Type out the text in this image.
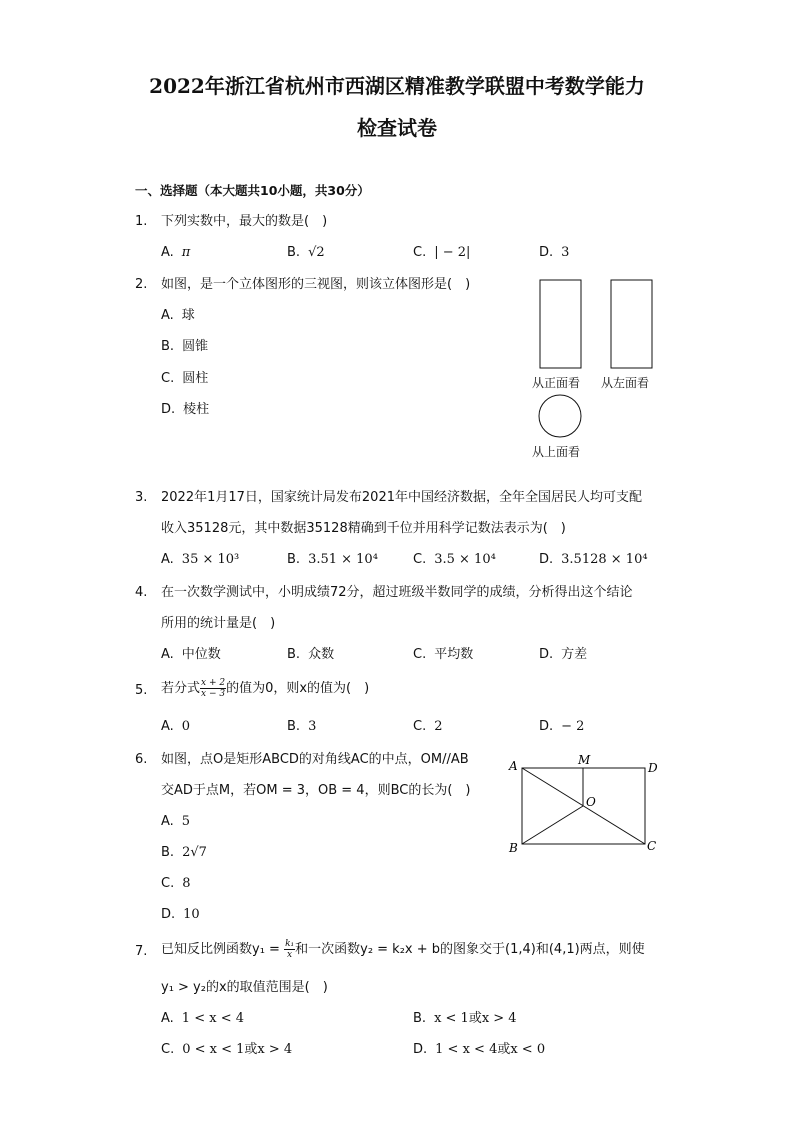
2022年浙江省杭州市西湖区精准教学联盟中考数学能力
检查试卷
一、选择题（本大题共10小题，共30分）
1. 下列实数中，最大的数是(　)
A. π	B. √2	C. | − 2|	D. 3
2. 如图，是一个立体图形的三视图，则该立体图形是(　)
A. 球
B. 圆锥
C. 圆柱
D. 棱柱
从正面看 从左面看
从上面看
3. 2022年1月17日，国家统计局发布2021年中国经济数据，全年全国居民人均可支配
收入35128元，其中数据35128精确到千位并用科学记数法表示为(　)
A. 35 × 10³	B. 3.51 × 10⁴	C. 3.5 × 10⁴	D. 3.5128 × 10⁴
4. 在一次数学测试中，小明成绩72分，超过班级半数同学的成绩，分析得出这个结论
所用的统计量是(　)
A. 中位数	B. 众数	C. 平均数	D. 方差
5. 若分式 $\frac{x + 2}{x - 3}$ 的值为0，则x的值为(　)
A. 0	B. 3	C. 2	D. − 2
6. 如图，点O是矩形ABCD的对角线AC的中点，OM//AB
交AD于点M，若OM = 3，OB = 4，则BC的长为(　)
A. 5
B. 2√7
C. 8
D. 10
A	M
D
O
B	C
7. 已知反比例函数$y_1 = \frac{\text{k₁}}{x}$ 和一次函数y₂ = k₂x + b的图象交于(1,4)和(4,1)两点，则使
y₁ > y₂的x的取值范围是(　)
A. 1 < x < 4	B. x < 1或x > 4
C. 0 < x < 1或x > 4	D. 1 < x < 4或x < 0
